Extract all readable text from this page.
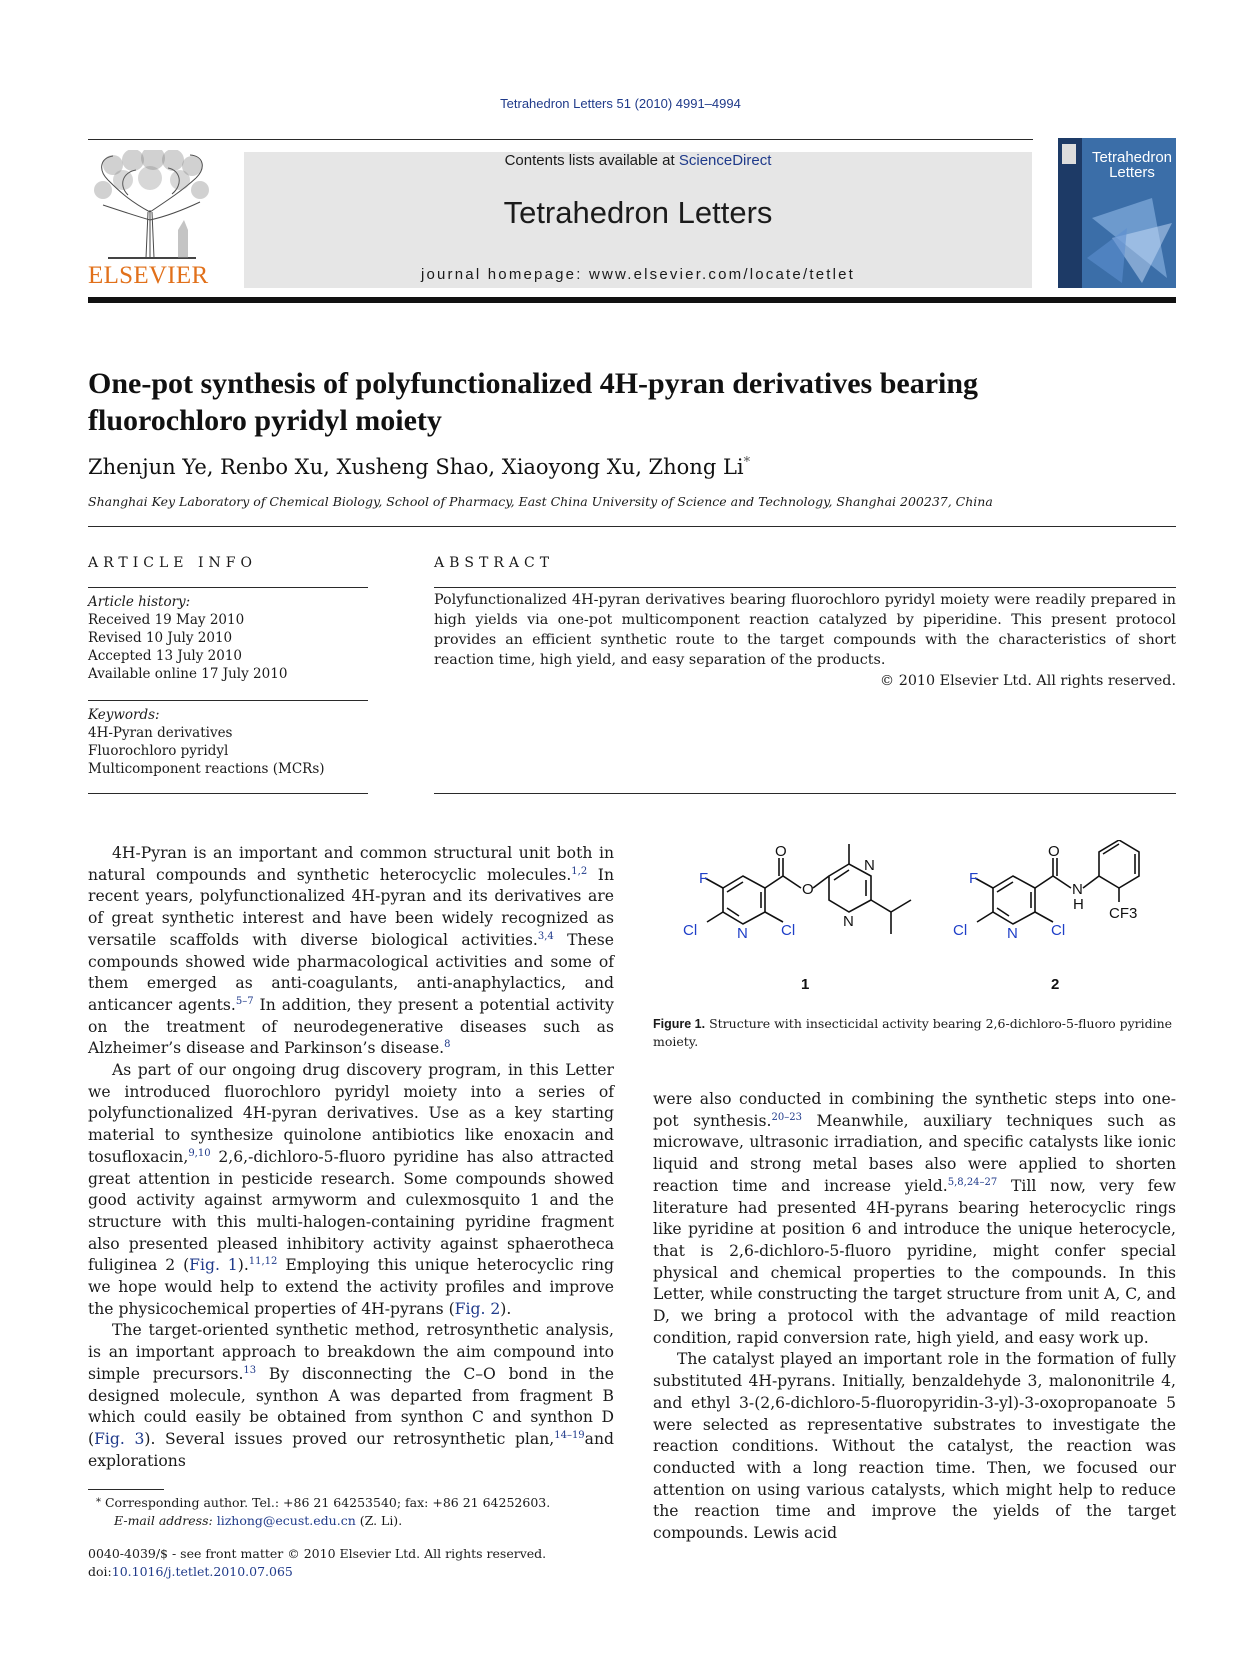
Tetrahedron Letters 51 (2010) 4991–4994
ELSEVIER
Contents lists available at ScienceDirect
Tetrahedron Letters
journal homepage: www.elsevier.com/locate/tetlet
Tetrahedron
Letters
One-pot synthesis of polyfunctionalized 4H-pyran derivatives bearing
fluorochloro pyridyl moiety
Zhenjun Ye, Renbo Xu, Xusheng Shao, Xiaoyong Xu, Zhong Li*
Shanghai Key Laboratory of Chemical Biology, School of Pharmacy, East China University of Science and Technology, Shanghai 200237, China
ARTICLE INFO
Article history:
Received 19 May 2010
Revised 10 July 2010
Accepted 13 July 2010
Available online 17 July 2010
Keywords:
4H-Pyran derivatives
Fluorochloro pyridyl
Multicomponent reactions (MCRs)
ABSTRACT
Polyfunctionalized 4H-pyran derivatives bearing fluorochloro pyridyl moiety were readily prepared in high yields via one-pot multicomponent reaction catalyzed by piperidine. This present protocol provides an efficient synthetic route to the target compounds with the characteristics of short reaction time, high yield, and easy separation of the products.
© 2010 Elsevier Ltd. All rights reserved.

4H-Pyran is an important and common structural unit both in natural compounds and synthetic heterocyclic molecules.$^{1,2}$ In recent years, polyfunctionalized 4H-pyran and its derivatives are of great synthetic interest and have been widely recognized as versatile scaffolds with diverse biological activities.$^{3,4}$ These compounds showed wide pharmacological activities and some of them emerged as anti-coagulants, anti-anaphylactics, and anticancer agents.$^{5-7}$ In addition, they present a potential activity on the treatment of neurodegenerative diseases such as Alzheimer’s disease and Parkinson’s disease.$^8$

As part of our ongoing drug discovery program, in this Letter we introduced fluorochloro pyridyl moiety into a series of polyfunctionalized 4H-pyran derivatives. Use as a key starting material to synthesize quinolone antibiotics like enoxacin and tosufloxacin,$^{9,10}$ 2,6,-dichloro-5-fluoro pyridine has also attracted great attention in pesticide research. Some compounds showed good activity against armyworm and culexmosquito 1 and the structure with this multi-halogen-containing pyridine fragment also presented pleased inhibitory activity against sphaerotheca fuliginea 2 (Fig. 1).$^{11,12}$ Employing this unique heterocyclic ring we hope would help to extend the activity profiles and improve the physicochemical properties of 4H-pyrans (Fig. 2).

The target-oriented synthetic method, retrosynthetic analysis, is an important approach to breakdown the aim compound into simple precursors.$^{13}$ By disconnecting the C–O bond in the designed molecule, synthon A was departed from fragment B which could easily be obtained from synthon C and synthon D (Fig. 3). Several issues proved our retrosynthetic plan,$^{14-19}$and explorations

F
Cl	N Cl
O
O
N
N
F
Cl	N Cl
O
N
H
CF3
1	2
Figure 1. Structure with insecticidal activity bearing 2,6-dichloro-5-fluoro pyridine moiety.

were also conducted in combining the synthetic steps into one-pot synthesis.$^{20-23}$ Meanwhile, auxiliary techniques such as microwave, ultrasonic irradiation, and specific catalysts like ionic liquid and strong metal bases also were applied to shorten reaction time and increase yield.$^{5,8,24-27}$ Till now, very few literature had presented 4H-pyrans bearing heterocyclic rings like pyridine at position 6 and introduce the unique heterocycle, that is 2,6-dichloro-5-fluoro pyridine, might confer special physical and chemical properties to the compounds. In this Letter, while constructing the target structure from unit A, C, and D, we bring a protocol with the advantage of mild reaction condition, rapid conversion rate, high yield, and easy work up.

The catalyst played an important role in the formation of fully substituted 4H-pyrans. Initially, benzaldehyde 3, malononitrile 4, and ethyl 3-(2,6-dichloro-5-fluoropyridin-3-yl)-3-oxopropanoate 5 were selected as representative substrates to investigate the reaction conditions. Without the catalyst, the reaction was conducted with a long reaction time. Then, we focused our attention on using various catalysts, which might help to reduce the reaction time and improve the yields of the target compounds. Lewis acid

* Corresponding author. Tel.: +86 21 64253540; fax: +86 21 64252603.
E-mail address: lizhong@ecust.edu.cn (Z. Li).
0040-4039/$ - see front matter © 2010 Elsevier Ltd. All rights reserved.
doi:10.1016/j.tetlet.2010.07.065
